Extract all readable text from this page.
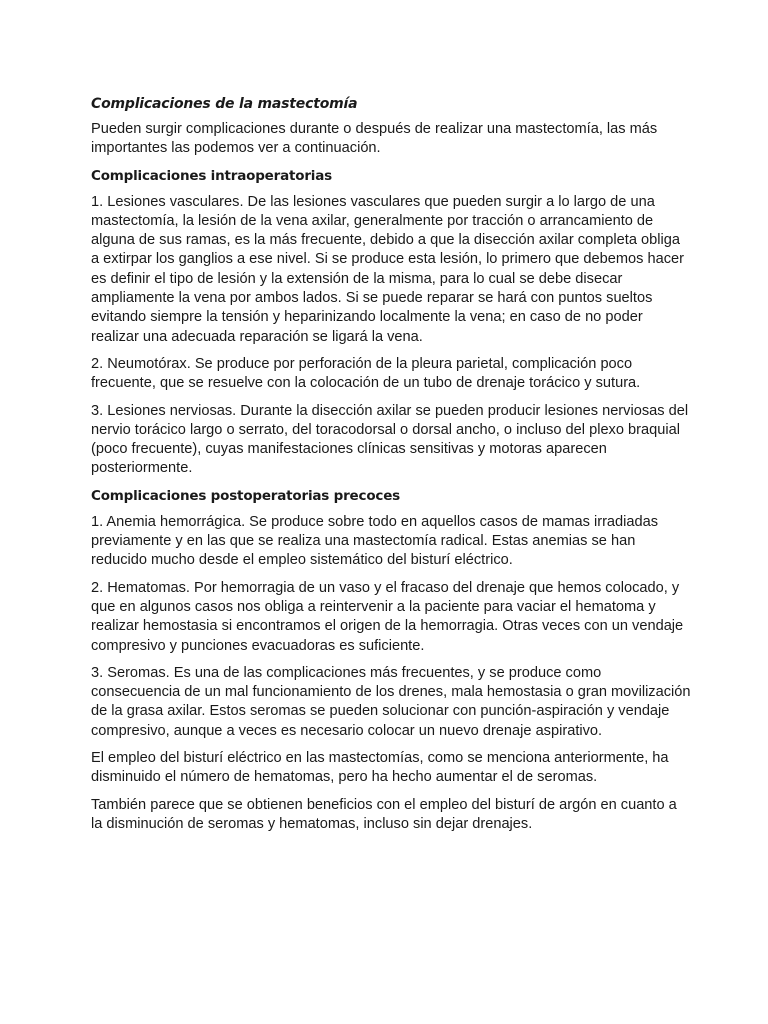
Complicaciones de la mastectomía

Pueden surgir complicaciones durante o después de realizar una mastectomía, las más importantes las podemos ver a continuación.

Complicaciones intraoperatorias

1. Lesiones vasculares. De las lesiones vasculares que pueden surgir a lo largo de una mastectomía, la lesión de la vena axilar, generalmente por tracción o arrancamiento de alguna de sus ramas, es la más frecuente, debido a que la disección axilar completa obliga a extirpar los ganglios a ese nivel. Si se produce esta lesión, lo primero que debemos hacer es definir el tipo de lesión y la extensión de la misma, para lo cual se debe disecar ampliamente la vena por ambos lados. Si se puede reparar se hará con puntos sueltos evitando siempre la tensión y heparinizando localmente la vena; en caso de no poder realizar una adecuada reparación se ligará la vena.

2. Neumotórax. Se produce por perforación de la pleura parietal, complicación poco frecuente, que se resuelve con la colocación de un tubo de drenaje torácico y sutura.

3. Lesiones nerviosas. Durante la disección axilar se pueden producir lesiones nerviosas del nervio torácico largo o serrato, del toracodorsal o dorsal ancho, o incluso del plexo braquial (poco frecuente), cuyas manifestaciones clínicas sensitivas y motoras aparecen posteriormente.

Complicaciones postoperatorias precoces

1. Anemia hemorrágica. Se produce sobre todo en aquellos casos de mamas irradiadas previamente y en las que se realiza una mastectomía radical. Estas anemias se han reducido mucho desde el empleo sistemático del bisturí eléctrico.

2. Hematomas. Por hemorragia de un vaso y el fracaso del drenaje que hemos colocado, y que en algunos casos nos obliga a reintervenir a la paciente para vaciar el hematoma y realizar hemostasia si encontramos el origen de la hemorragia. Otras veces con un vendaje compresivo y punciones evacuadoras es suficiente.

3. Seromas. Es una de las complicaciones más frecuentes, y se produce como consecuencia de un mal funcionamiento de los drenes, mala hemostasia o gran movilización de la grasa axilar. Estos seromas se pueden solucionar con punción-aspiración y vendaje compresivo, aunque a veces es necesario colocar un nuevo drenaje aspirativo.

El empleo del bisturí eléctrico en las mastectomías, como se menciona anteriormente, ha disminuido el número de hematomas, pero ha hecho aumentar el de seromas.

También parece que se obtienen beneficios con el empleo del bisturí de argón en cuanto a la disminución de seromas y hematomas, incluso sin dejar drenajes.
